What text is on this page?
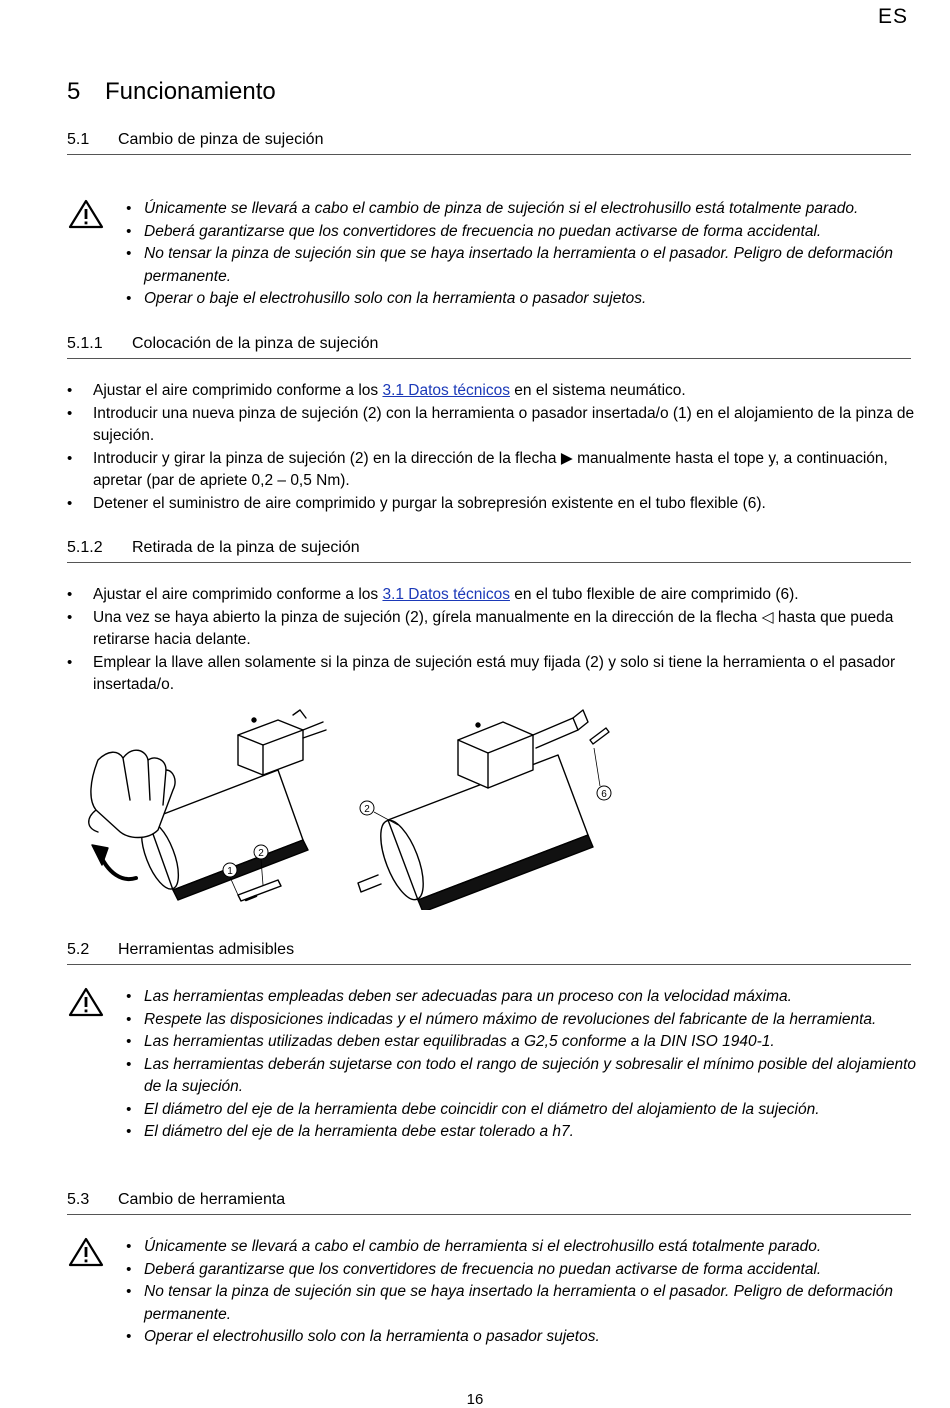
ES
5 Funcionamiento
5.1 Cambio de pinza de sujeción
• Únicamente se llevará a cabo el cambio de pinza de sujeción si el electrohusillo está totalmente parado.
• Deberá garantizarse que los convertidores de frecuencia no puedan activarse de forma accidental.
• No tensar la pinza de sujeción sin que se haya insertado la herramienta o el pasador. Peligro de deformación permanente.
• Operar o baje el electrohusillo solo con la herramienta o pasador sujetos.
5.1.1 Colocación de la pinza de sujeción
• Ajustar el aire comprimido conforme a los 3.1 Datos técnicos en el sistema neumático.
• Introducir una nueva pinza de sujeción (2) con la herramienta o pasador insertada/o (1) en el alojamiento de la pinza de sujeción.
• Introducir y girar la pinza de sujeción (2) en la dirección de la flecha ▶ manualmente hasta el tope y, a continuación, apretar (par de apriete 0,2 – 0,5 Nm).
• Detener el suministro de aire comprimido y purgar la sobrepresión existente en el tubo flexible (6).
5.1.2 Retirada de la pinza de sujeción
• Ajustar el aire comprimido conforme a los 3.1 Datos técnicos en el tubo flexible de aire comprimido (6).
• Una vez se haya abierto la pinza de sujeción (2), gírela manualmente en la dirección de la flecha ◁ hasta que pueda retirarse hacia delante.
• Emplear la llave allen solamente si la pinza de sujeción está muy fijada (2) y solo si tiene la herramienta o el pasador insertada/o.
1
2
2
6
5.2 Herramientas admisibles
• Las herramientas empleadas deben ser adecuadas para un proceso con la velocidad máxima.
• Respete las disposiciones indicadas y el número máximo de revoluciones del fabricante de la herramienta.
• Las herramientas utilizadas deben estar equilibradas a G2,5 conforme a la DIN ISO 1940-1.
• Las herramientas deberán sujetarse con todo el rango de sujeción y sobresalir el mínimo posible del alojamiento de la sujeción.
• El diámetro del eje de la herramienta debe coincidir con el diámetro del alojamiento de la sujeción.
• El diámetro del eje de la herramienta debe estar tolerado a h7.
5.3 Cambio de herramienta
• Únicamente se llevará a cabo el cambio de herramienta si el electrohusillo está totalmente parado.
• Deberá garantizarse que los convertidores de frecuencia no puedan activarse de forma accidental.
• No tensar la pinza de sujeción sin que se haya insertado la herramienta o el pasador. Peligro de deformación permanente.
• Operar el electrohusillo solo con la herramienta o pasador sujetos.
16
